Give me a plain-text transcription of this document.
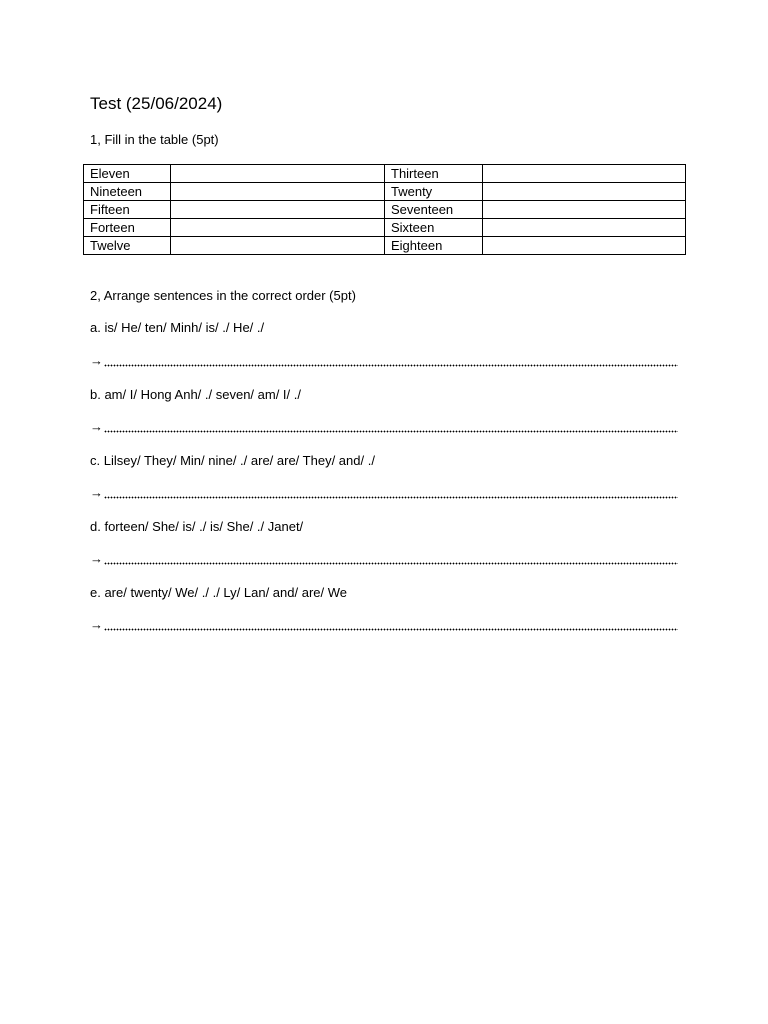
Test (25/06/2024)
1, Fill in the table (5pt)
Eleven		Thirteen	
Nineteen		Twenty	
Fifteen		Seventeen	
Forteen		Sixteen	
Twelve		Eighteen	
2, Arrange sentences in the correct order (5pt)
a. is/ He/ ten/ Minh/ is/ ./ He/ ./
→
b. am/ I/ Hong Anh/ ./ seven/ am/ I/ ./
→
c. Lilsey/ They/ Min/ nine/ ./ are/ are/ They/ and/ ./
→
d. forteen/ She/ is/ ./ is/ She/ ./ Janet/
→
e. are/ twenty/ We/ ./ ./ Ly/ Lan/ and/ are/ We
→
